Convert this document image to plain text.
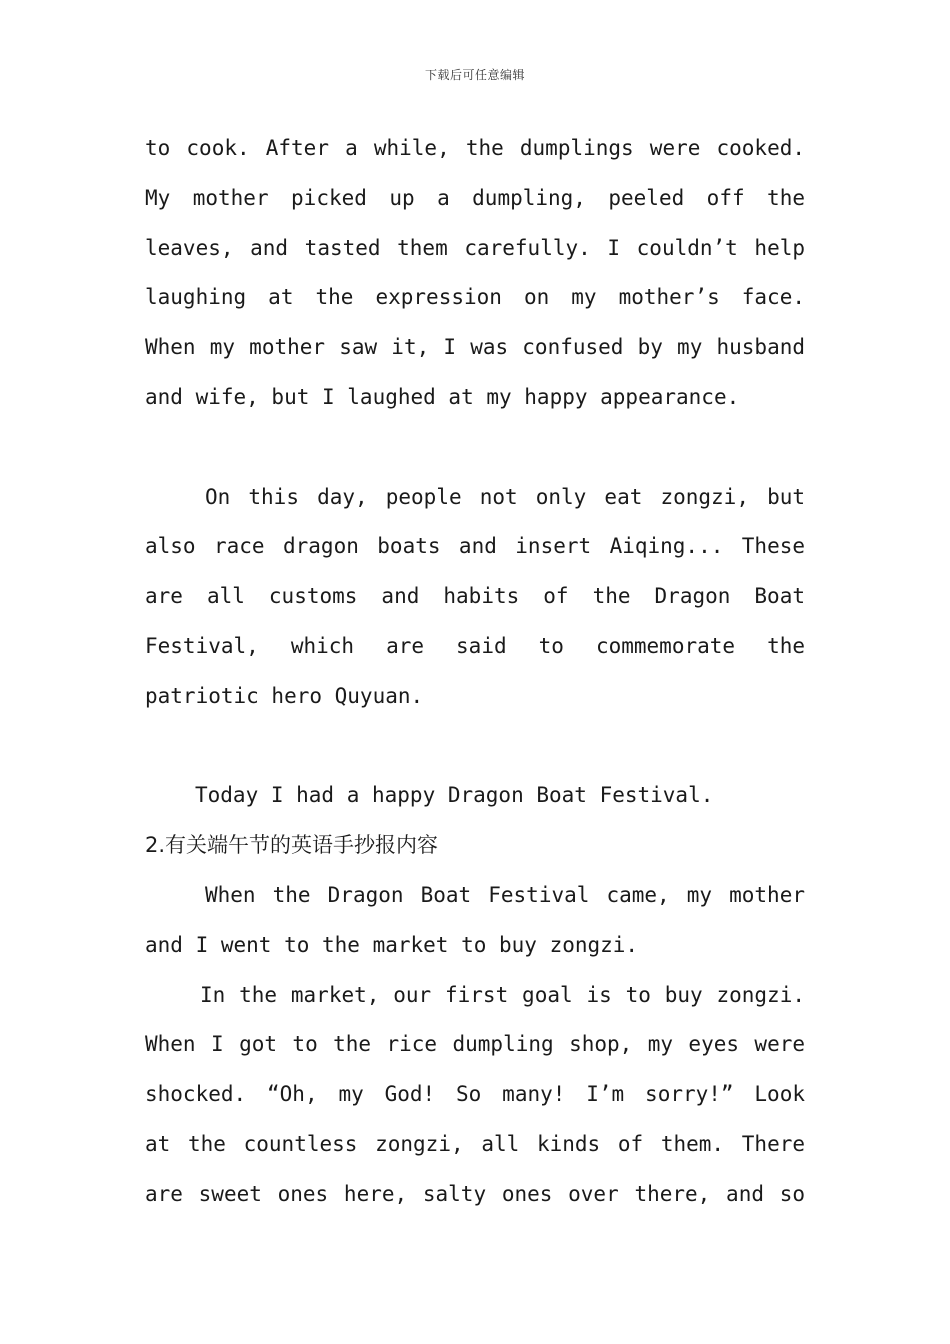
下载后可任意编辑
to cook. After a while, the dumplings were cooked.
My mother picked up a dumpling, peeled off the
leaves, and tasted them carefully. I couldn’t help
laughing at the expression on my mother’s face.
When my mother saw it, I was confused by my husband
and wife, but I laughed at my happy appearance.
On this day, people not only eat zongzi, but
also race dragon boats and insert Aiqing... These
are all customs and habits of the Dragon Boat
Festival, which are said to commemorate the
patriotic hero Quyuan.
Today I had a happy Dragon Boat Festival.
2.有关端午节的英语手抄报内容
When the Dragon Boat Festival came, my mother
and I went to the market to buy zongzi.
In the market, our first goal is to buy zongzi.
When I got to the rice dumpling shop, my eyes were
shocked. “Oh, my God! So many! I’m sorry!” Look
at the countless zongzi, all kinds of them. There
are sweet ones here, salty ones over there, and so
